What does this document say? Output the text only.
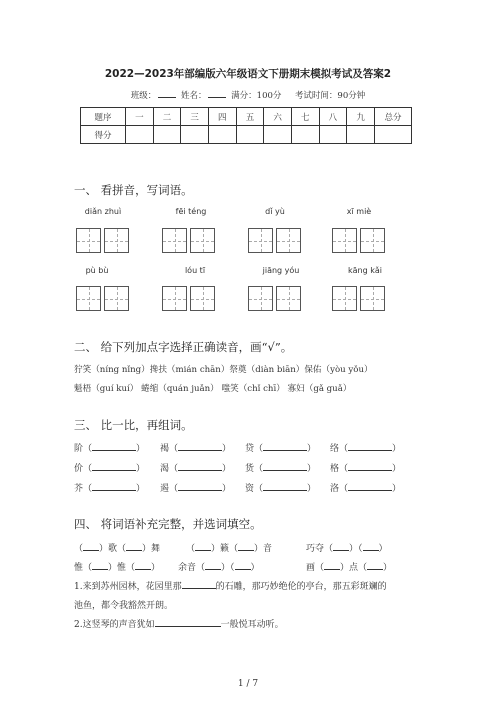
2022—2023年部编版六年级语文下册期末模拟考试及答案2
班级：	姓名：	满分：100分 考试时间：90分钟
题序	一	二	三	四	五	六	七	八	九	总分
得分										
一、 看拼音，写词语。
diǎn zhuì	fēi téng	dǐ yù	xī miè
pù bù	lóu tī	jiāng yóu	kāng kǎi
二、 给下列加点字选择正确读音，画“√”。
狞笑（níng nǐng）搀扶（mián chān）祭奠（diàn biān）保佑（yòu yǒu）
魁梧（guí kuí） 蜷缩（quán juǎn） 嗤笑（chǐ chī） 寡妇（gǎ guǎ）
三、 比一比，再组词。
阶（	） 褐（	） 贷（	） 络（	）
价（	） 渴（	） 货（	） 格（	）
芥（	） 遏（	） 资（	） 洛（	）
四、 将词语补充完整，并选词填空。
（ ）歌（ ）舞	（ ）籁（ ）音	巧夺（ ）（ ）
惟（ ）惟（ ） 余音（ ）（ ）	画（ ）点（ ）
1.来到苏州园林，花园里那	的石雕，那巧妙绝伦的亭台，那五彩斑斓的
池鱼，都令我豁然开朗。
2.这竖琴的声音犹如	一般悦耳动听。
1 / 7
